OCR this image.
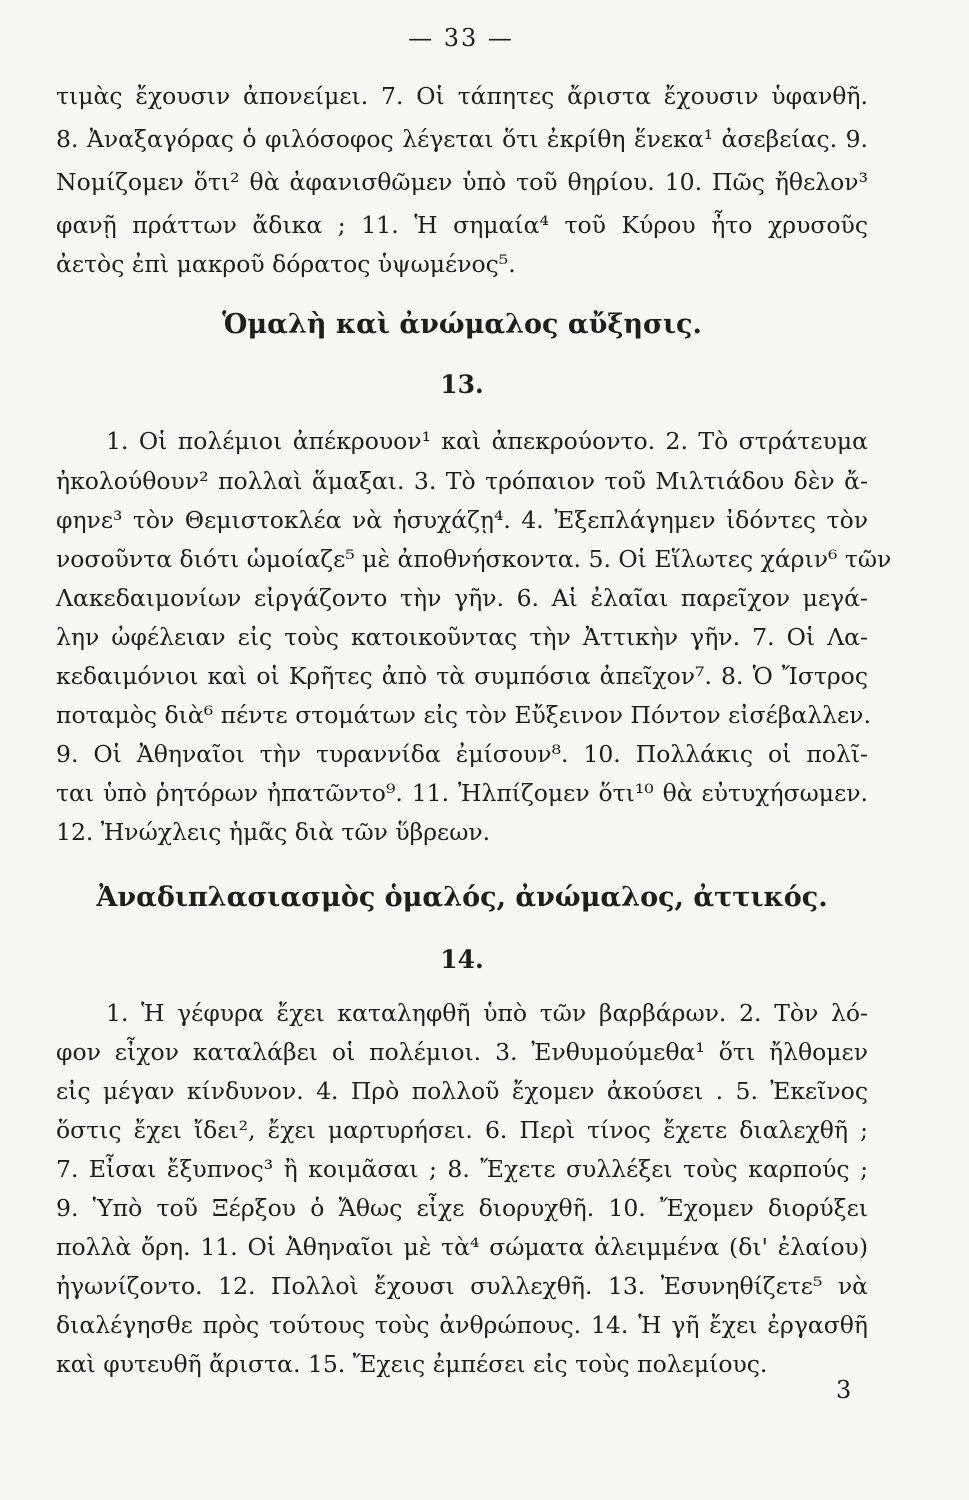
— 33 —
τιμὰς ἔχουσιν ἀπονείμει. 7. Οἱ τάπητες ἄριστα ἔχουσιν ὑφανθῆ.
8. Ἀναξαγόρας ὁ φιλόσοφος λέγεται ὅτι ἐκρίθη ἕνεκα¹ ἀσεβείας. 9.
Νομίζομεν ὅτι² θὰ ἀφανισθῶμεν ὑπὸ τοῦ θηρίου. 10. Πῶς ἤθελον³
φανῇ πράττων ἄδικα ; 11. Ἡ σημαία⁴ τοῦ Κύρου ἦτο χρυσοῦς
ἀετὸς ἐπὶ μακροῦ δόρατος ὑψωμένος⁵.
Ὁμαλὴ καὶ ἀνώμαλος αὔξησις.
13.
1. Οἱ πολέμιοι ἀπέκρουον¹ καὶ ἀπεκρούοντο. 2. Τὸ στράτευμα
ἠκολούθουν² πολλαὶ ἅμαξαι. 3. Τὸ τρόπαιον τοῦ Μιλτιάδου δὲν ἄ-
φηνε³ τὸν Θεμιστοκλέα νὰ ἡσυχάζῃ⁴. 4. Ἐξεπλάγημεν ἰδόντες τὸν
νοσοῦντα διότι ὡμοίαζε⁵ μὲ ἀποθνήσκοντα. 5. Οἱ Εἵλωτες χάριν⁶ τῶν
Λακεδαιμονίων εἰργάζοντο τὴν γῆν. 6. Αἱ ἐλαῖαι παρεῖχον μεγά-
λην ὠφέλειαν εἰς τοὺς κατοικοῦντας τὴν Ἀττικὴν γῆν. 7. Οἱ Λα-
κεδαιμόνιοι καὶ οἱ Κρῆτες ἀπὸ τὰ συμπόσια ἀπεῖχον⁷. 8. Ὁ Ἴστρος
ποταμὸς διὰ⁶ πέντε στομάτων εἰς τὸν Εὔξεινον Πόντον εἰσέβαλλεν.
9. Οἱ Ἀθηναῖοι τὴν τυραννίδα ἐμίσουν⁸. 10. Πολλάκις οἱ πολῖ-
ται ὑπὸ ῥητόρων ἠπατῶντο⁹. 11. Ἠλπίζομεν ὅτι¹⁰ θὰ εὐτυχήσωμεν.
12. Ἠνώχλεις ἡμᾶς διὰ τῶν ὕβρεων.
Ἀναδιπλασιασμὸς ὁμαλός, ἀνώμαλος, ἀττικός.
14.
1. Ἡ γέφυρα ἔχει καταληφθῆ ὑπὸ τῶν βαρβάρων. 2. Τὸν λό-
φον εἶχον καταλάβει οἱ πολέμιοι. 3. Ἐνθυμούμεθα¹ ὅτι ἤλθομεν
εἰς μέγαν κίνδυνον. 4. Πρὸ πολλοῦ ἔχομεν ἀκούσει . 5. Ἐκεῖνος
ὅστις ἔχει ἴδει², ἔχει μαρτυρήσει. 6. Περὶ τίνος ἔχετε διαλεχθῆ ;
7. Εἶσαι ἔξυπνος³ ἢ κοιμᾶσαι ; 8. Ἔχετε συλλέξει τοὺς καρπούς ;
9. Ὑπὸ τοῦ Ξέρξου ὁ Ἄθως εἶχε διορυχθῆ. 10. Ἔχομεν διορύξει
πολλὰ ὄρη. 11. Οἱ Ἀθηναῖοι μὲ τὰ⁴ σώματα ἀλειμμένα (δι' ἐλαίου)
ἠγωνίζοντο. 12. Πολλοὶ ἔχουσι συλλεχθῆ. 13. Ἐσυνηθίζετε⁵ νὰ
διαλέγησθε πρὸς τούτους τοὺς ἀνθρώπους. 14. Ἡ γῆ ἔχει ἐργασθῆ
καὶ φυτευθῆ ἄριστα. 15. Ἔχεις ἐμπέσει εἰς τοὺς πολεμίους.
3
